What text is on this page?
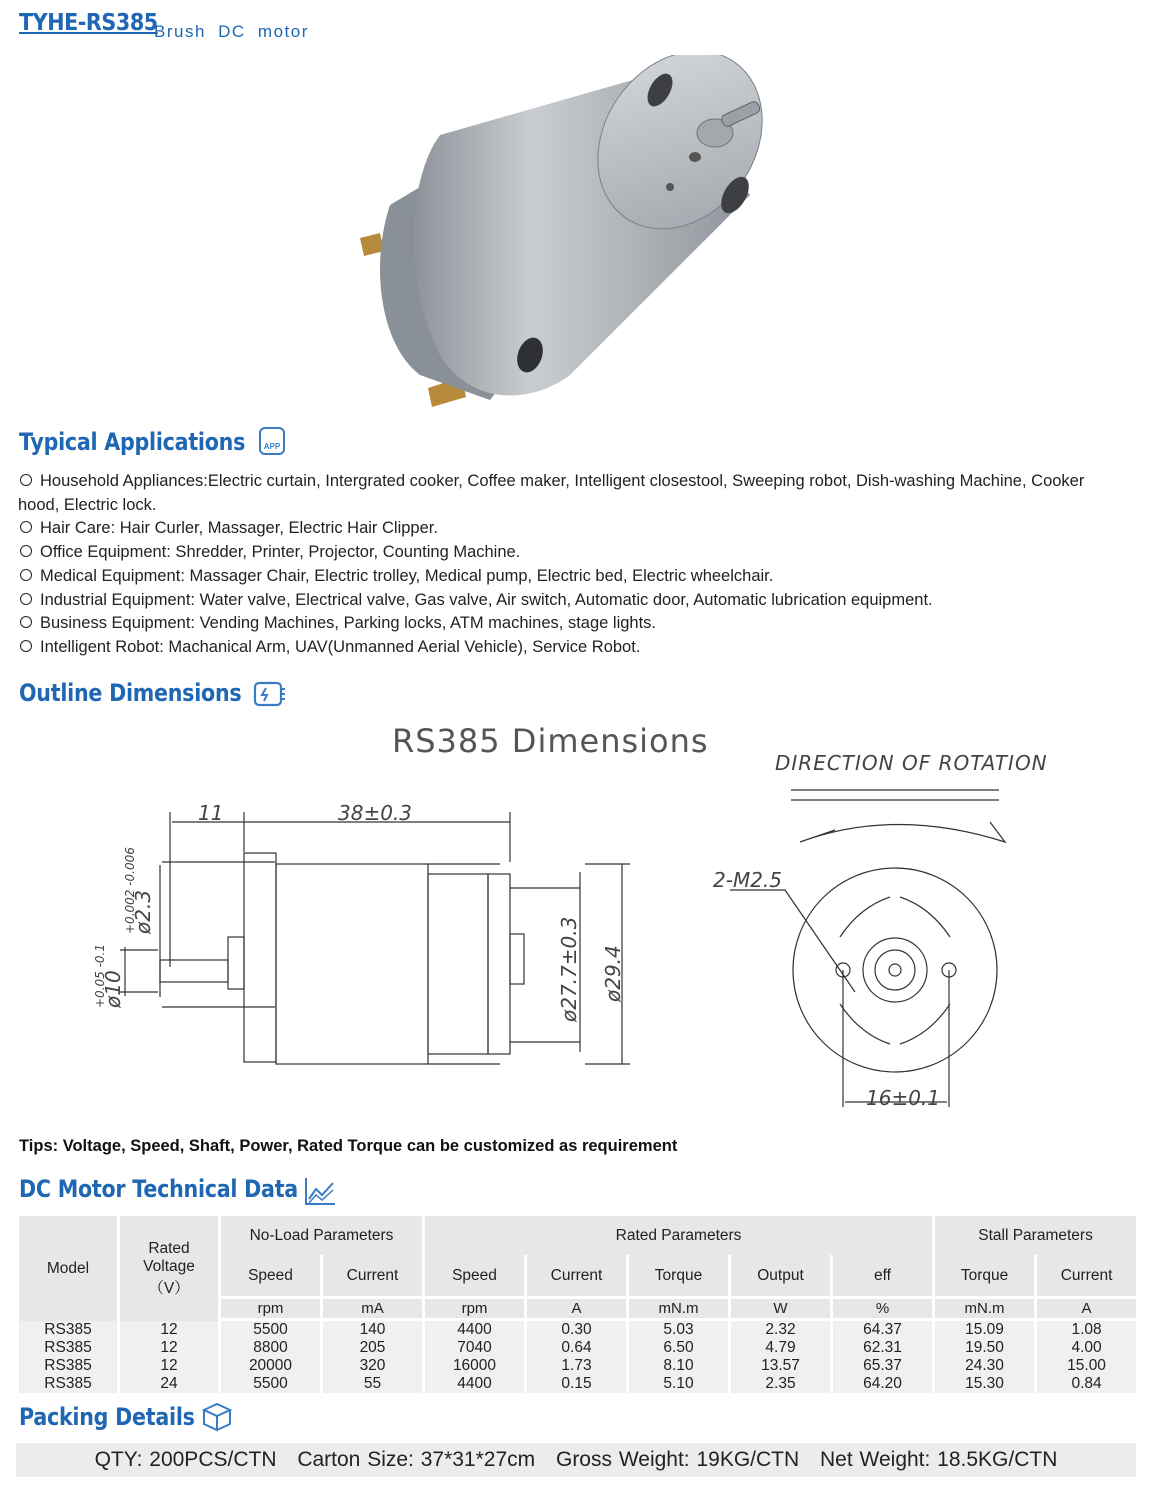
TYHE-RS385
Brush DC motor
Typical Applications	APP

Household Appliances:Electric curtain, Intergrated cooker, Coffee maker, Intelligent closestool, Sweeping robot, Dish-washing Machine, Cooker hood, Electric lock.

Hair Care: Hair Curler, Massager, Electric Hair Clipper.

Office Equipment: Shredder, Printer, Projector, Counting Machine.

Medical Equipment: Massager Chair, Electric trolley, Medical pump, Electric bed, Electric wheelchair.

Industrial Equipment: Water valve, Electrical valve, Gas valve, Air switch, Automatic door, Automatic lubrication equipment.

Business Equipment: Vending Machines, Parking locks, ATM machines, stage lights.

Intelligent Robot: Machanical Arm, UAV(Unmanned Aerial Vehicle), Service Robot.

Outline Dimensions
RS385 Dimensions
DIRECTION OF ROTATION
11	38±0.3
ø2.3
+0.002 -0.006
ø10
+0.05 -0.1	ø27.7±0.3 ø29.4
2-M2.5
16±0.1
Tips: Voltage, Speed, Shaft, Power, Rated Torque can be customized as requirement
DC Motor Technical Data
Model	Rated
Voltage
（V）	No-Load Parameters		Rated Parameters					Stall Parameters	
		Speed	Current	Speed	Current	Torque	Output	eff	Torque	Current
		rpm	mA	rpm	A	mN.m	W	%	mN.m	A
RS385	12	5500	140	4400	0.30	5.03	2.32	64.37	15.09	1.08
RS385	12	8800	205	7040	0.64	6.50	4.79	62.31	19.50	4.00
RS385	12	20000	320	16000	1.73	8.10	13.57	65.37	24.30	15.00
RS385	24	5500	55	4400	0.15	5.10	2.35	64.20	15.30	0.84
Packing Details
QTY: 200PCS/CTN Carton Size: 37*31*27cm Gross Weight: 19KG/CTN Net Weight: 18.5KG/CTN
